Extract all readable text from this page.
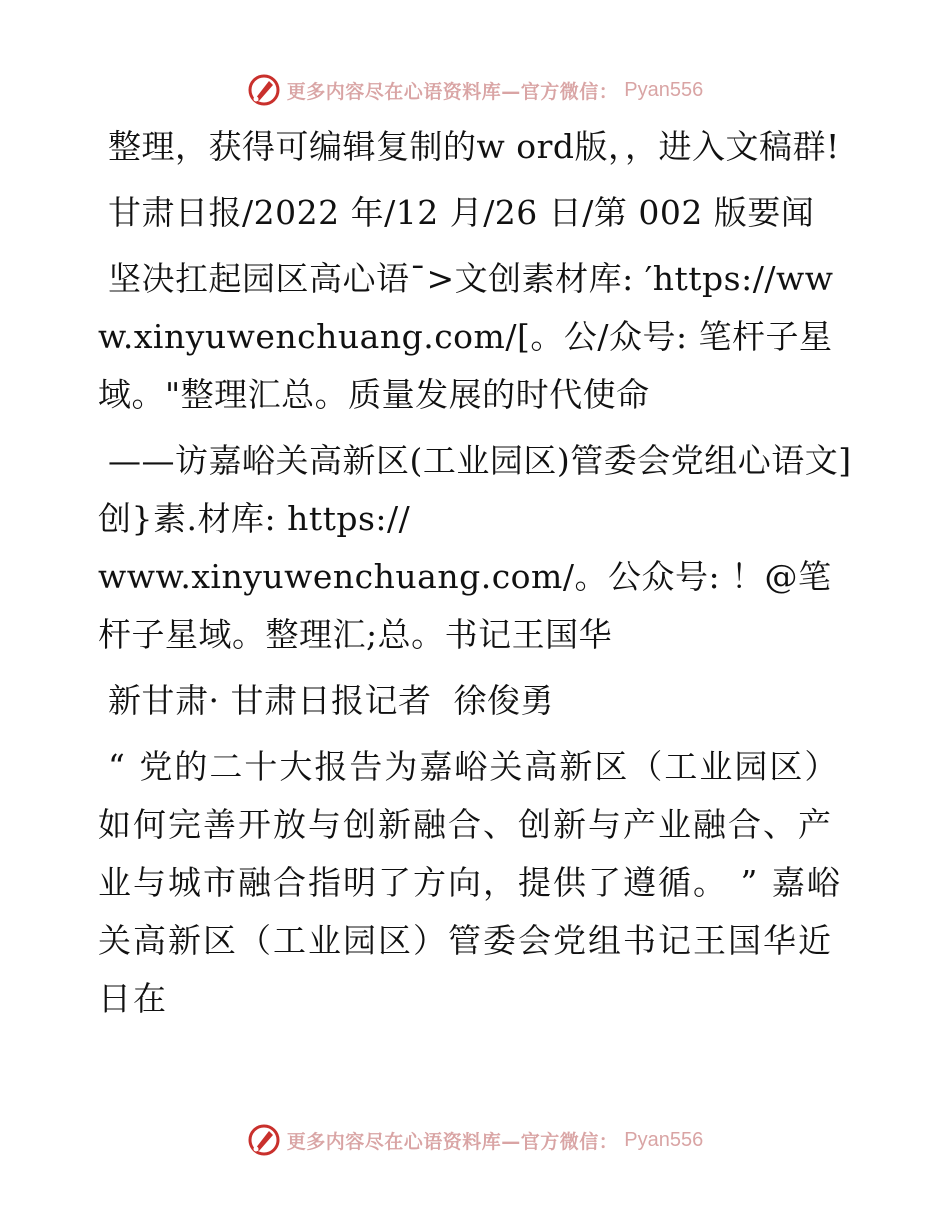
更多内容尽在心语资料库—官方微信： Pyan556

整理，获得可编辑复制的w ord版，，进入文稿群!

甘肃日报/2022 年/12 月/26 日/第 002 版要闻

坚决扛起园区高心语¯>文创素材库: ′https://www.xinyuwenchuang.com/[。公/众号: 笔杆子星域。"整理汇总。质量发展的时代使命

——访嘉峪关高新区(工业园区)管委会党组心语文]创}素.材库: https://
www.xinyuwenchuang.com/。公众号: ！@笔杆子星域。整理汇;总。书记王国华

新甘肃· 甘肃日报记者  徐俊勇

“ 党的二十大报告为嘉峪关高新区（工业园区）如何完善开放与创新融合、创新与产业融合、产业与城市融合指明了方向，提供了遵循。 ” 嘉峪关高新区（工业园区）管委会党组书记王国华近日在

更多内容尽在心语资料库—官方微信： Pyan556
